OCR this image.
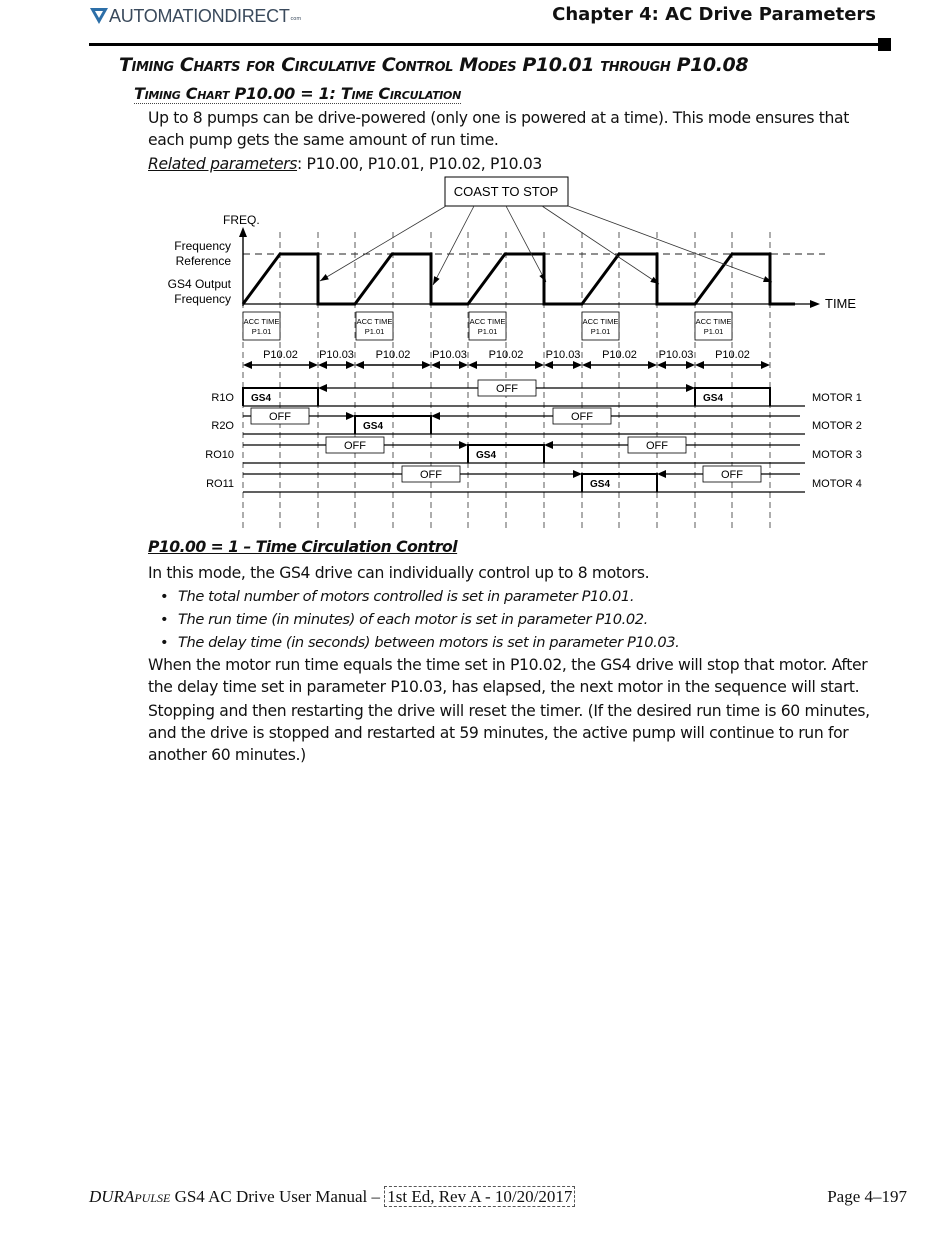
AUTOMATIONDIRECT com	Chapter 4: AC Drive Parameters
Timing Charts for Circulative Control Modes P10.01 through P10.08
Timing Chart P10.00 = 1: Time Circulation
Up to 8 pumps can be drive-powered (only one is powered at a time). This mode ensures that each pump gets the same amount of run time.
Related parameters: P10.00, P10.01, P10.02, P10.03
COAST TO STOP
FREQ.
Frequency
Reference
GS4 Output
Frequency	TIME
ACC TIME
P1.01
ACC TIME
P1.01
ACC TIME
P1.01
ACC TIME
P1.01
ACC TIME
P1.01
P10.02 P10.03 P10.02 P10.03 P10.02 P10.03 P10.02 P10.03 P10.02
R1O	MOTOR 1
GS4	GS4
OFF
R2O	MOTOR 2
GS4
OFF
OFF
RO10	MOTOR 3
GS4
OFF
OFF
RO11	MOTOR 4
GS4
OFF
OFF
P10.00 = 1 – Time Circulation Control
In this mode, the GS4 drive can individually control up to 8 motors.
• The total number of motors controlled is set in parameter P10.01.
• The run time (in minutes) of each motor is set in parameter P10.02.
• The delay time (in seconds) between motors is set in parameter P10.03.
When the motor run time equals the time set in P10.02, the GS4 drive will stop that motor. After the delay time set in parameter P10.03, has elapsed, the next motor in the sequence will start.
Stopping and then restarting the drive will reset the timer. (If the desired run time is 60 minutes, and the drive is stopped and restarted at 59 minutes, the active pump will continue to run for another 60 minutes.)
DURApulse GS4 AC Drive User Manual – 1st Ed, Rev A - 10/20/2017	Page 4–197
